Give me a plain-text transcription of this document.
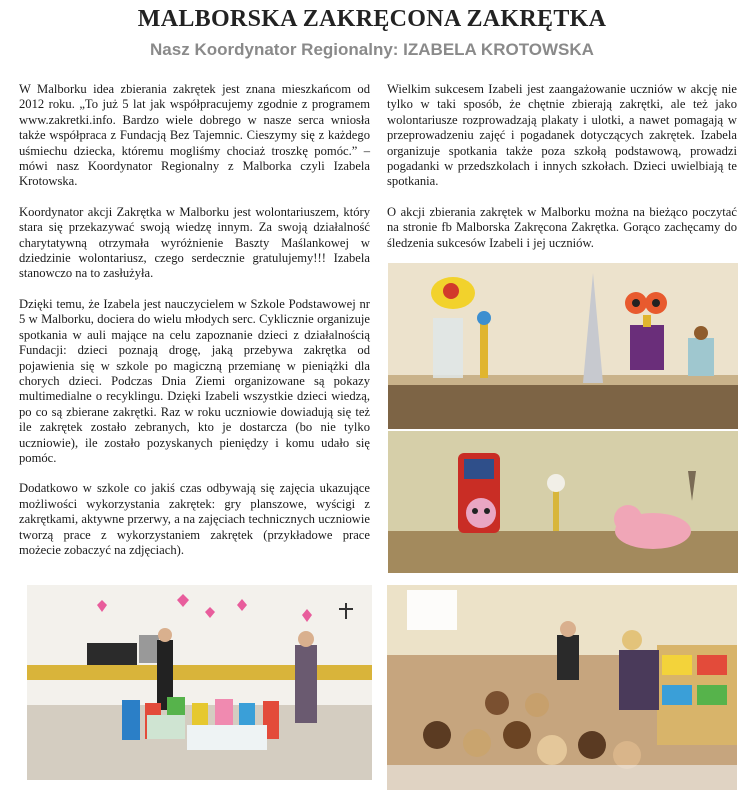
MALBORSKA ZAKRĘCONA ZAKRĘTKA
Nasz Koordynator Regionalny: IZABELA KROTOWSKA

W Malborku idea zbierania zakrętek jest znana mieszkańcom od 2012 roku. „To już 5 lat jak współpracujemy zgodnie z programem www.zakretki.info. Bardzo wiele dobrego w nasze serca wniosła także współpraca z Fundacją Bez Tajemnic. Cieszymy się z każdego uśmiechu dziecka, któremu mogliśmy chociaż troszkę pomóc.” – mówi nasz Koordynator Regionalny z Malborka czyli Izabela Krotowska.

Koordynator akcji Zakrętka w Malborku jest wolontariuszem, który stara się przekazywać swoją wiedzę innym. Za swoją działalność charytatywną otrzymała wyróżnienie Baszty Maślankowej w dziedzinie wolontariusz, czego serdecznie gratulujemy!!! Izabela stanowczo na to zasłużyła.

Dzięki temu, że Izabela jest nauczycielem w Szkole Podstawowej nr 5 w Malborku, dociera do wielu młodych serc. Cyklicznie organizuje spotkania w auli mające na celu zapoznanie dzieci z działalnością Fundacji: dzieci poznają drogę, jaką przebywa zakrętka od pojawienia się w szkole po magiczną przemianę w pieniążki dla chorych dzieci. Podczas Dnia Ziemi organizowane są pokazy multimedialne o recyklingu. Dzięki Izabeli wszystkie dzieci wiedzą, po co są zbierane zakrętki. Raz w roku uczniowie dowiadują się też ile zakrętek zostało zebranych, kto je dostarcza (bo nie tylko uczniowie), ile zostało pozyskanych pieniędzy i komu udało się pomóc.

Dodatkowo w szkole co jakiś czas odbywają się zajęcia ukazujące możliwości wykorzystania zakrętek: gry planszowe, wyścigi z zakrętkami, aktywne przerwy, a na zajęciach technicznych uczniowie tworzą prace z wykorzystaniem zakrętek (przykładowe prace możecie zobaczyć na zdjęciach).

Wielkim sukcesem Izabeli jest zaangażowanie uczniów w akcję nie tylko w taki sposób, że chętnie zbierają zakrętki, ale też jako wolontariusze rozprowadzają plakaty i ulotki, a nawet pomagają w przeprowadzeniu zajęć i pogadanek dotyczących zakrętek. Izabela organizuje spotkania także poza szkołą podstawową, prowadzi pogadanki w przedszkolach i innych szkołach. Dzieci uwielbiają te spotkania.

O akcji zbierania zakrętek w Malborku można na bieżąco poczytać na stronie fb Malborska Zakręcona Zakrętka. Gorąco zachęcamy do śledzenia sukcesów Izabeli i jej uczniów.
